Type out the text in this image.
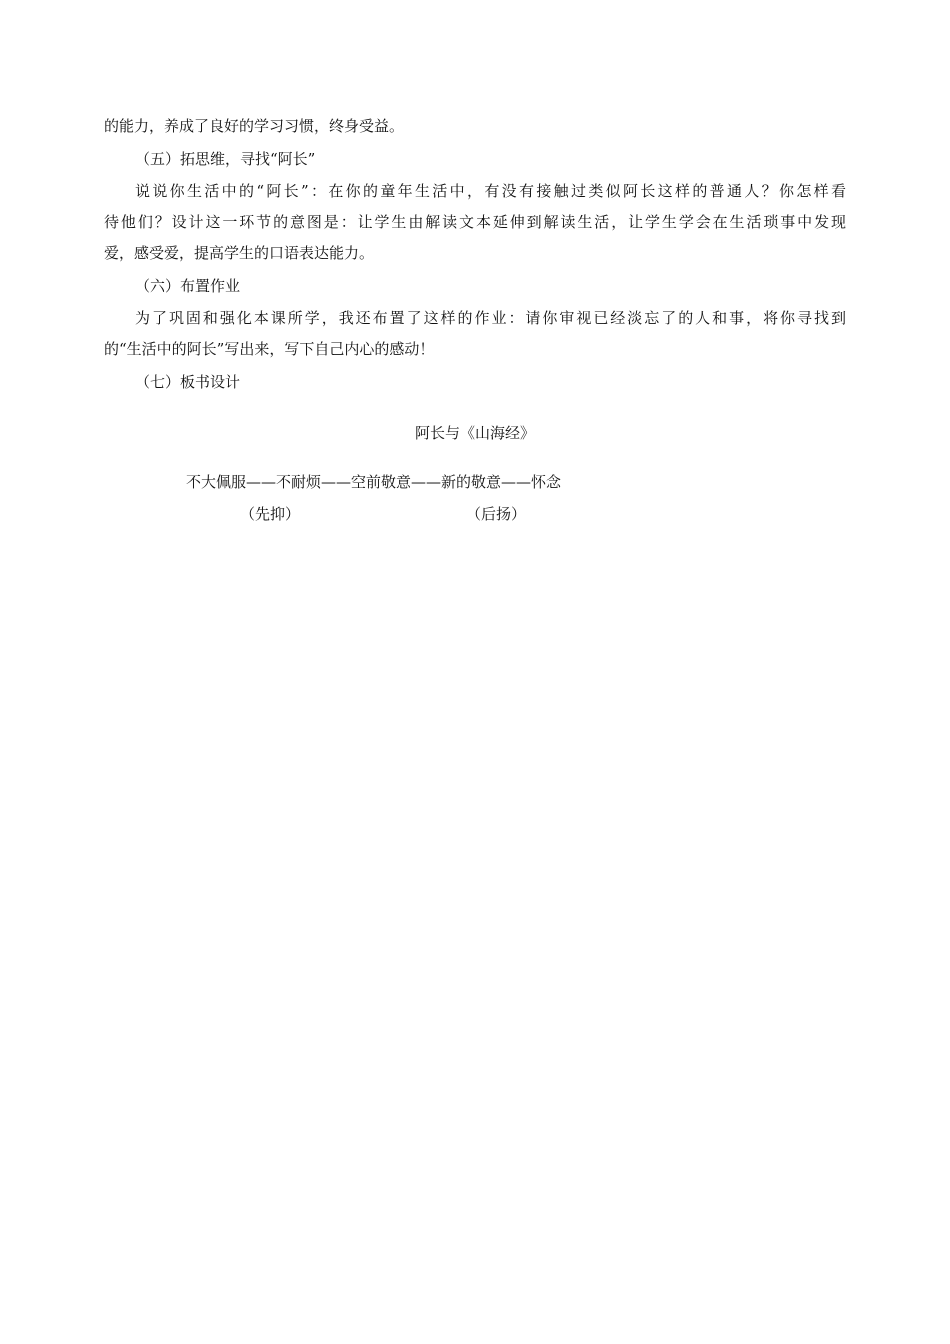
的能力，养成了良好的学习习惯，终身受益。
（五）拓思维，寻找“阿长”
说说你生活中的“阿长”：在你的童年生活中，有没有接触过类似阿长这样的普通人？你怎样看
待他们？设计这一环节的意图是：让学生由解读文本延伸到解读生活，让学生学会在生活琐事中发现
爱，感受爱，提高学生的口语表达能力。
（六）布置作业
为了巩固和强化本课所学，我还布置了这样的作业：请你审视已经淡忘了的人和事，将你寻找到
的“生活中的阿长”写出来，写下自己内心的感动！
（七）板书设计
阿长与《山海经》
不大佩服——不耐烦——空前敬意——新的敬意——怀念
（先抑）	（后扬）
